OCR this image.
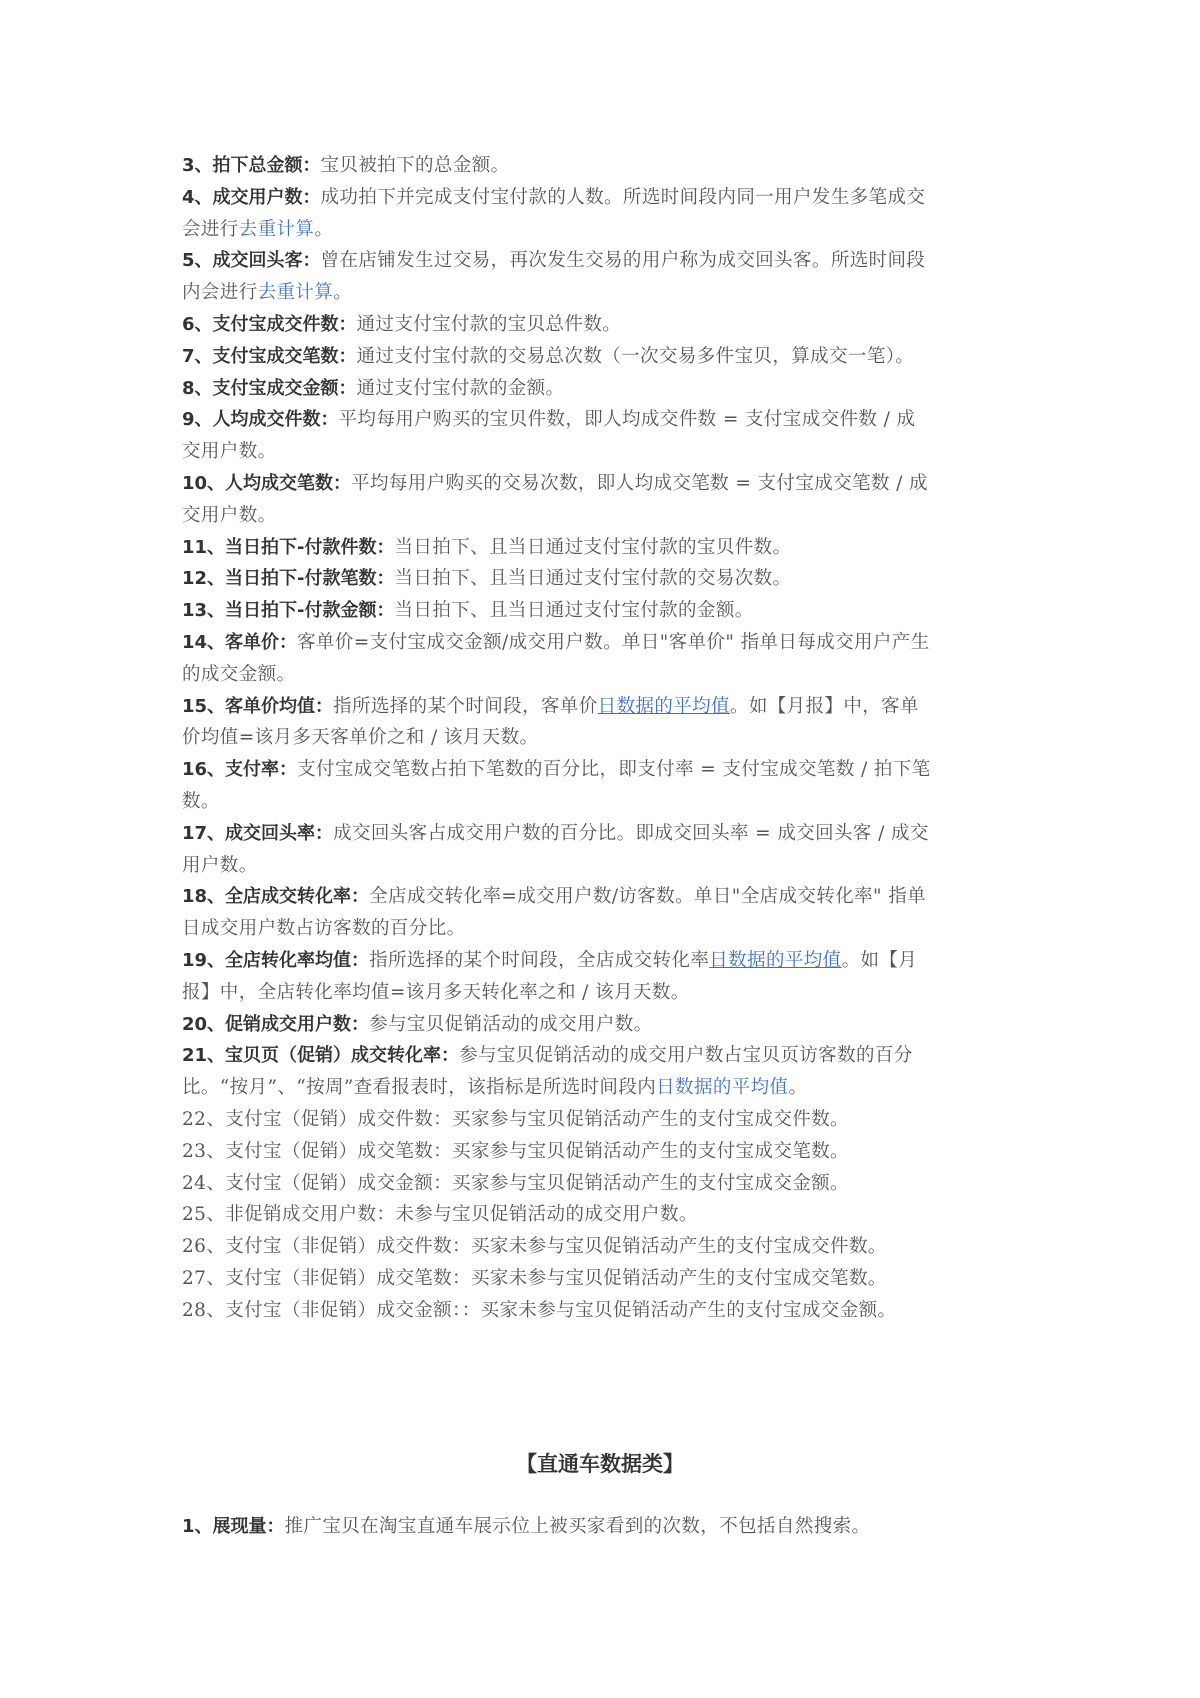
3、拍下总金额：宝贝被拍下的总金额。
4、成交用户数：成功拍下并完成支付宝付款的人数。所选时间段内同一用户发生多笔成交
会进行去重计算。
5、成交回头客：曾在店铺发生过交易，再次发生交易的用户称为成交回头客。所选时间段
内会进行去重计算。
6、支付宝成交件数：通过支付宝付款的宝贝总件数。
7、支付宝成交笔数：通过支付宝付款的交易总次数（一次交易多件宝贝，算成交一笔）。
8、支付宝成交金额：通过支付宝付款的金额。
9、人均成交件数：平均每用户购买的宝贝件数，即人均成交件数 = 支付宝成交件数 / 成
交用户数。
10、人均成交笔数：平均每用户购买的交易次数，即人均成交笔数 = 支付宝成交笔数 / 成
交用户数。
11、当日拍下-付款件数：当日拍下、且当日通过支付宝付款的宝贝件数。
12、当日拍下-付款笔数：当日拍下、且当日通过支付宝付款的交易次数。
13、当日拍下-付款金额：当日拍下、且当日通过支付宝付款的金额。
14、客单价：客单价=支付宝成交金额/成交用户数。单日"客单价" 指单日每成交用户产生
的成交金额。
15、客单价均值：指所选择的某个时间段，客单价日数据的平均值。如【月报】中，客单
价均值=该月多天客单价之和 / 该月天数。
16、支付率：支付宝成交笔数占拍下笔数的百分比，即支付率 = 支付宝成交笔数 / 拍下笔
数。
17、成交回头率：成交回头客占成交用户数的百分比。即成交回头率 = 成交回头客 / 成交
用户数。
18、全店成交转化率：全店成交转化率=成交用户数/访客数。单日"全店成交转化率" 指单
日成交用户数占访客数的百分比。
19、全店转化率均值：指所选择的某个时间段，全店成交转化率日数据的平均值。如【月
报】中，全店转化率均值=该月多天转化率之和 / 该月天数。
20、促销成交用户数：参与宝贝促销活动的成交用户数。
21、宝贝页（促销）成交转化率：参与宝贝促销活动的成交用户数占宝贝页访客数的百分
比。“按月”、“按周”查看报表时，该指标是所选时间段内日数据的平均值。
22、支付宝（促销）成交件数：买家参与宝贝促销活动产生的支付宝成交件数。
23、支付宝（促销）成交笔数：买家参与宝贝促销活动产生的支付宝成交笔数。
24、支付宝（促销）成交金额：买家参与宝贝促销活动产生的支付宝成交金额。
25、非促销成交用户数：未参与宝贝促销活动的成交用户数。
26、支付宝（非促销）成交件数：买家未参与宝贝促销活动产生的支付宝成交件数。
27、支付宝（非促销）成交笔数：买家未参与宝贝促销活动产生的支付宝成交笔数。
28、支付宝（非促销）成交金额：：买家未参与宝贝促销活动产生的支付宝成交金额。
【直通车数据类】
1、展现量：推广宝贝在淘宝直通车展示位上被买家看到的次数，不包括自然搜索。
